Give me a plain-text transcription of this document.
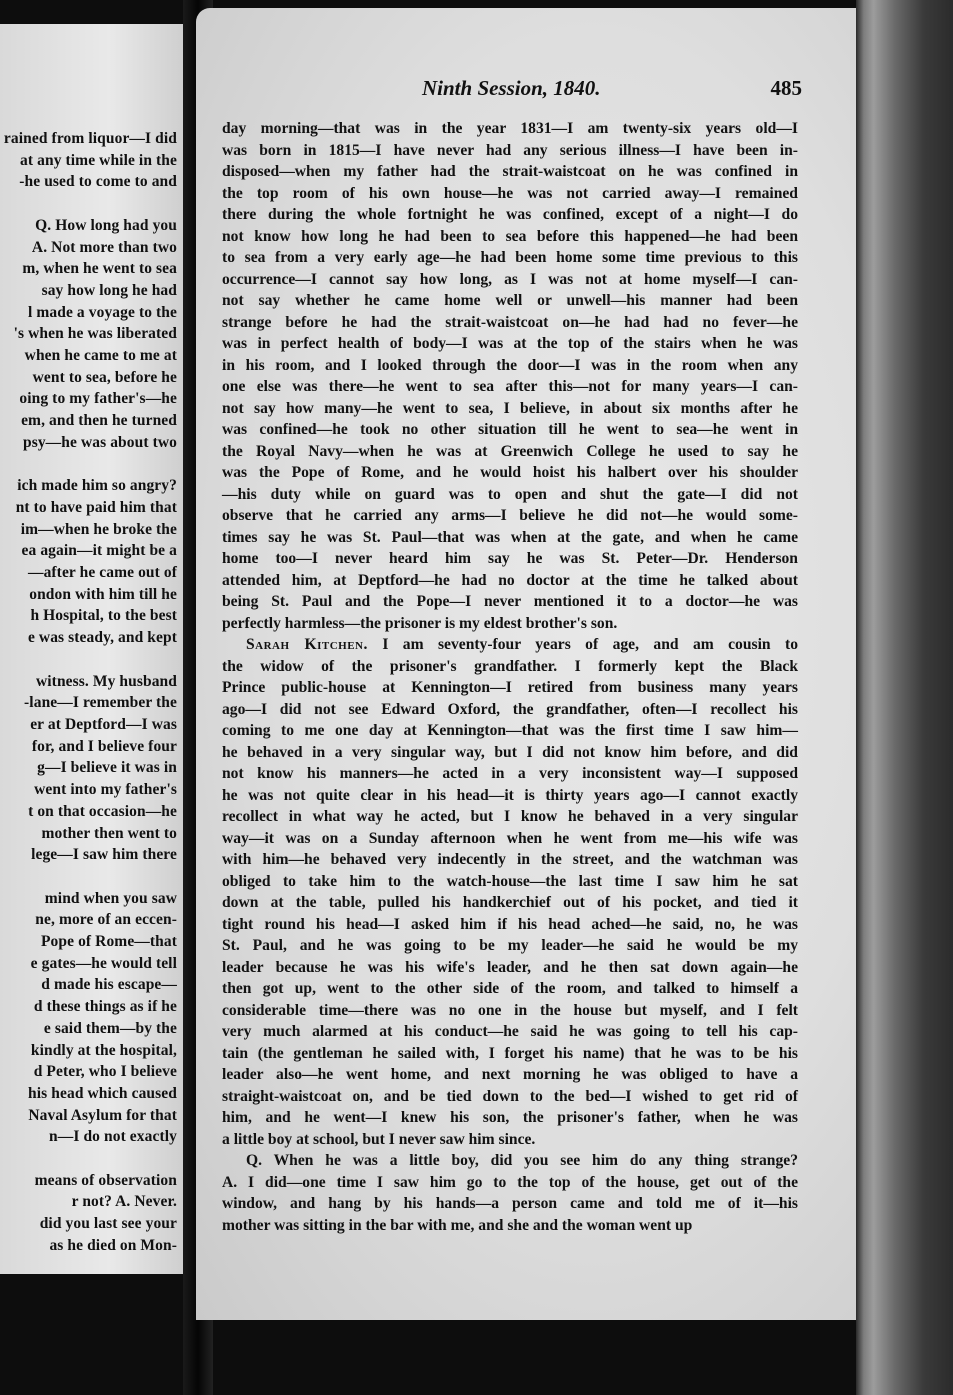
rained from liquor—I did
at any time while in the
-he used to come to and

Q. How long had you
A. Not more than two
m, when he went to sea
say how long he had
l made a voyage to the
's when he was liberated
when he came to me at
went to sea, before he
oing to my father's—he
em, and then he turned
psy—he was about two

ich made him so angry?
nt to have paid him that
im—when he broke the
ea again—it might be a
—after he came out of
ondon with him till he
h Hospital, to the best
e was steady, and kept

witness. My husband
-lane—I remember the
er at Deptford—I was
for, and I believe four
g—I believe it was in
went into my father's
t on that occasion—he
mother then went to
lege—I saw him there

mind when you saw
ne, more of an eccen-
Pope of Rome—that
e gates—he would tell
d made his escape—
d these things as if he
e said them—by the
kindly at the hospital,
d Peter, who I believe
his head which caused
Naval Asylum for that
n—I do not exactly

means of observation
r not? A. Never.
did you last see your
as he died on Mon-
Ninth Session, 1840.	485

day morning—that was in the year 1831—I am twenty-six years old—I
was born in 1815—I have never had any serious illness—I have been in-
disposed—when my father had the strait-waistcoat on he was confined in
the top room of his own house—he was not carried away—I remained
there during the whole fortnight he was confined, except of a night—I do
not know how long he had been to sea before this happened—he had been
to sea from a very early age—he had been home some time previous to this
occurrence—I cannot say how long, as I was not at home myself—I can-
not say whether he came home well or unwell—his manner had been
strange before he had the strait-waistcoat on—he had had no fever—he
was in perfect health of body—I was at the top of the stairs when he was
in his room, and I looked through the door—I was in the room when any
one else was there—he went to sea after this—not for many years—I can-
not say how many—he went to sea, I believe, in about six months after he
was confined—he took no other situation till he went to sea—he went in
the Royal Navy—when he was at Greenwich College he used to say he
was the Pope of Rome, and he would hoist his halbert over his shoulder
—his duty while on guard was to open and shut the gate—I did not
observe that he carried any arms—I believe he did not—he would some-
times say he was St. Paul—that was when at the gate, and when he came
home too—I never heard him say he was St. Peter—Dr. Henderson
attended him, at Deptford—he had no doctor at the time he talked about
being St. Paul and the Pope—I never mentioned it to a doctor—he was
perfectly harmless—the prisoner is my eldest brother's son.

Sarah Kitchen. I am seventy-four years of age, and am cousin to
the widow of the prisoner's grandfather. I formerly kept the Black
Prince public-house at Kennington—I retired from business many years
ago—I did not see Edward Oxford, the grandfather, often—I recollect his
coming to me one day at Kennington—that was the first time I saw him—
he behaved in a very singular way, but I did not know him before, and did
not know his manners—he acted in a very inconsistent way—I supposed
he was not quite clear in his head—it is thirty years ago—I cannot exactly
recollect in what way he acted, but I know he behaved in a very singular
way—it was on a Sunday afternoon when he went from me—his wife was
with him—he behaved very indecently in the street, and the watchman was
obliged to take him to the watch-house—the last time I saw him he sat
down at the table, pulled his handkerchief out of his pocket, and tied it
tight round his head—I asked him if his head ached—he said, no, he was
St. Paul, and he was going to be my leader—he said he would be my
leader because he was his wife's leader, and he then sat down again—he
then got up, went to the other side of the room, and talked to himself a
considerable time—there was no one in the house but myself, and I felt
very much alarmed at his conduct—he said he was going to tell his cap-
tain (the gentleman he sailed with, I forget his name) that he was to be his
leader also—he went home, and next morning he was obliged to have a
straight-waistcoat on, and be tied down to the bed—I wished to get rid of
him, and he went—I knew his son, the prisoner's father, when he was
a little boy at school, but I never saw him since.

Q. When he was a little boy, did you see him do any thing strange?
A. I did—one time I saw him go to the top of the house, get out of the
window, and hang by his hands—a person came and told me of it—his
mother was sitting in the bar with me, and she and the woman went up
